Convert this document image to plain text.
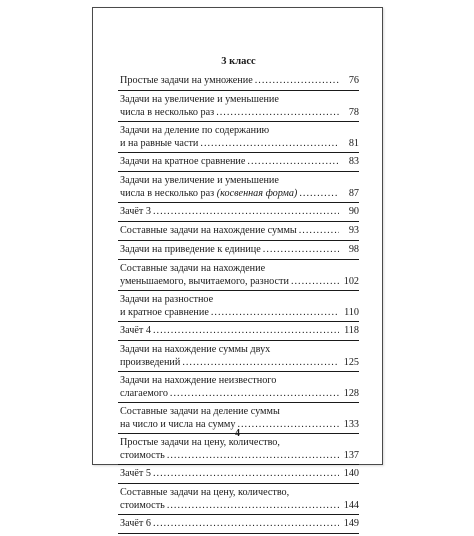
3 класс
Простые задачи на умножение .....	76
Задачи на увеличение и уменьшение
числа в несколько раз .....	78
Задачи на деление по содержанию
и на равные части .....	81
Задачи на кратное сравнение .....	83
Задачи на увеличение и уменьшение
числа в несколько раз
(косвенная форма) .....	87
Зачёт 3 .....	90
Составные задачи на нахождение суммы .....	93
Задачи на приведение к единице .....	98
Составные задачи на нахождение
уменьшаемого, вычитаемого, разности .....	102
Задачи на разностное
и кратное сравнение .....	110
Зачёт 4 .....	118
Задачи на нахождение суммы двух
произведений .....	125
Задачи на нахождение неизвестного
слагаемого .....	128
Составные задачи на деление суммы
на число и числа на сумму .....	133
Простые задачи на цену, количество,
стоимость .....	137
Зачёт 5 .....	140
Составные задачи на цену, количество,
стоимость .....	144
Зачёт 6 .....	149
4
